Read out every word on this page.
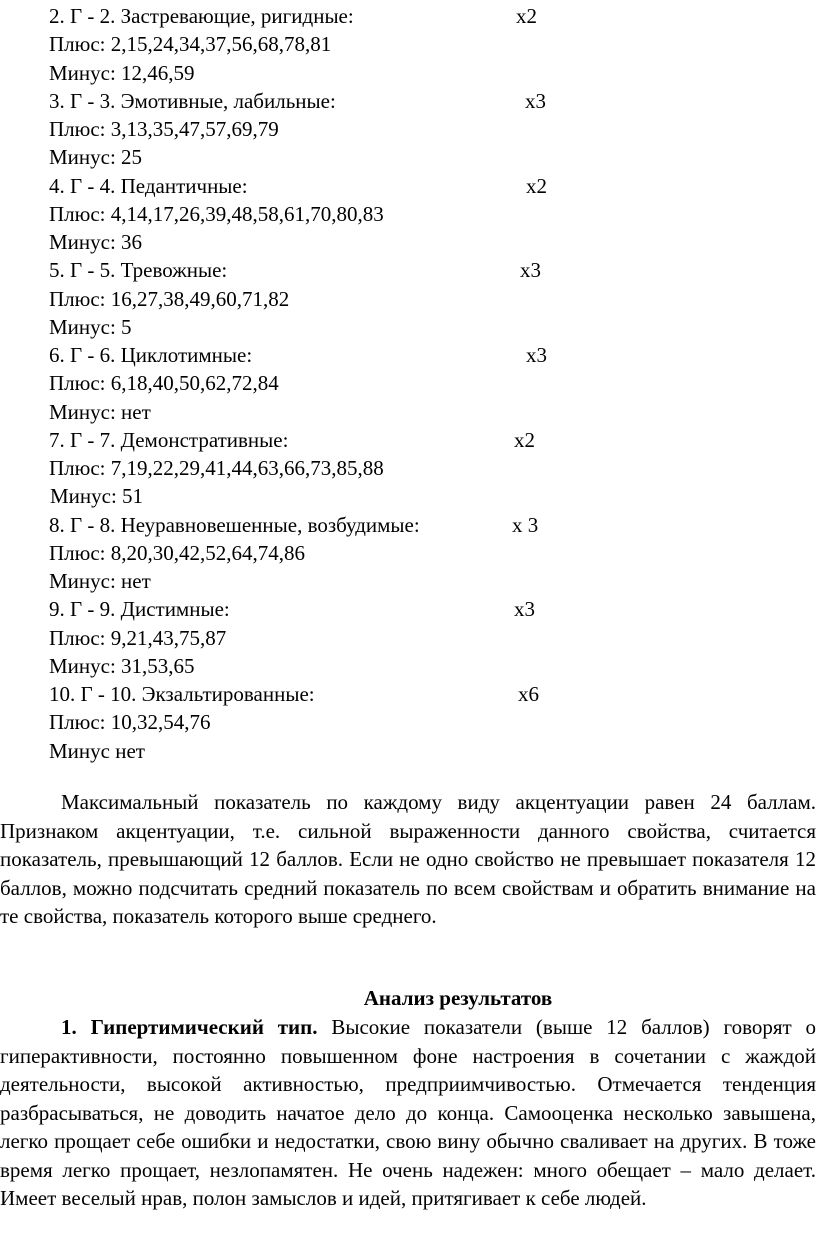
2. Г - 2. Застревающие, ригидные:	х2
Плюс: 2,15,24,34,37,56,68,78,81
Минус: 12,46,59
3. Г - 3. Эмотивные, лабильные:	х3
Плюс: 3,13,35,47,57,69,79
Минус: 25
4. Г - 4. Педантичные:	х2
Плюс: 4,14,17,26,39,48,58,61,70,80,83
Минус: 36
5. Г - 5. Тревожные:	х3
Плюс: 16,27,38,49,60,71,82
Минус: 5
6. Г - 6. Циклотимные:	х3
Плюс: 6,18,40,50,62,72,84
Минус: нет
7. Г - 7. Демонстративные:	х2
Плюс: 7,19,22,29,41,44,63,66,73,85,88
Минус: 51
8. Г - 8. Неуравновешенные, возбудимые:	х 3
Плюс: 8,20,30,42,52,64,74,86
Минус: нет
9. Г - 9. Дистимные:	х3
Плюс: 9,21,43,75,87
Минус: 31,53,65
10. Г - 10. Экзальтированные:	х6
Плюс: 10,32,54,76
Минус нет

Максимальный показатель по каждому виду акцентуации равен 24 баллам. Признаком акцентуации, т.е. сильной выраженности данного свойства, считается показатель, превышающий 12 баллов. Если не одно свойство не превышает показателя 12 баллов, можно подсчитать средний показатель по всем свойствам и обратить внимание на те свойства, показатель которого выше среднего.

Анализ результатов

1. Гипертимический тип. Высокие показатели (выше 12 баллов) говорят о гиперактивности, постоянно повышенном фоне настроения в сочетании с жаждой деятельности, высокой активностью, предприимчивостью. Отмечается тенденция разбрасываться, не доводить начатое дело до конца. Самооценка несколько завышена, легко прощает себе ошибки и недостатки, свою вину обычно сваливает на других. В тоже время легко прощает, незлопамятен. Не очень надежен: много обещает – мало делает. Имеет веселый нрав, полон замыслов и идей, притягивает к себе людей.
